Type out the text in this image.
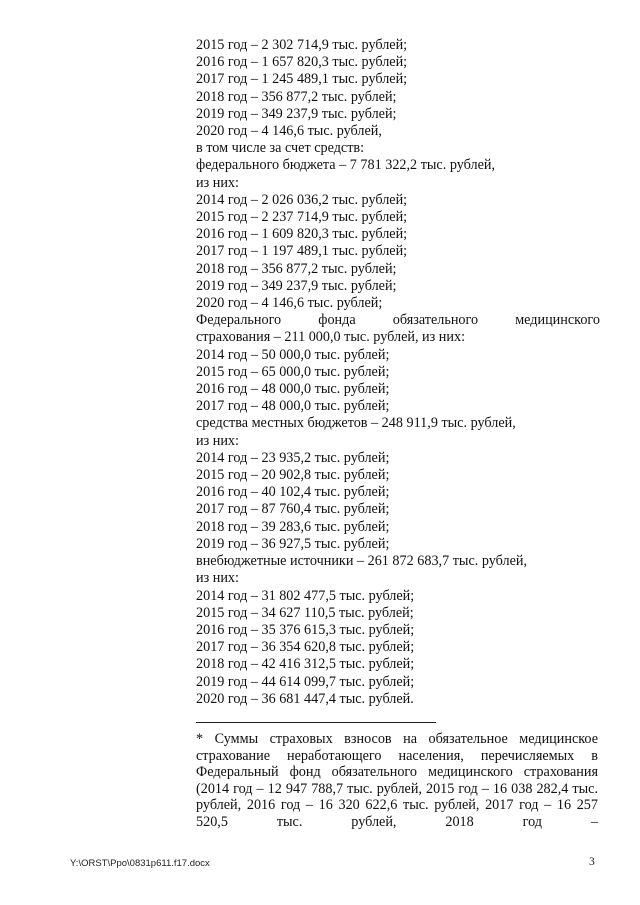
2015 год – 2 302 714,9 тыс. рублей;
2016 год – 1 657 820,3 тыс. рублей;
2017 год – 1 245 489,1 тыс. рублей;
2018 год – 356 877,2 тыс. рублей;
2019 год – 349 237,9 тыс. рублей;
2020 год – 4 146,6 тыс. рублей,
в том числе за счет средств:
федерального бюджета – 7 781 322,2 тыс. рублей,
из них:
2014 год – 2 026 036,2 тыс. рублей;
2015 год – 2 237 714,9 тыс. рублей;
2016 год – 1 609 820,3 тыс. рублей;
2017 год – 1 197 489,1 тыс. рублей;
2018 год – 356 877,2 тыс. рублей;
2019 год – 349 237,9 тыс. рублей;
2020 год – 4 146,6 тыс. рублей;
Федерального фонда обязательного медицинского
страхования – 211 000,0 тыс. рублей, из них:
2014 год – 50 000,0 тыс. рублей;
2015 год – 65 000,0 тыс. рублей;
2016 год – 48 000,0 тыс. рублей;
2017 год – 48 000,0 тыс. рублей;
средства местных бюджетов – 248 911,9 тыс. рублей,
из них:
2014 год – 23 935,2 тыс. рублей;
2015 год – 20 902,8 тыс. рублей;
2016 год – 40 102,4 тыс. рублей;
2017 год – 87 760,4 тыс. рублей;
2018 год – 39 283,6 тыс. рублей;
2019 год – 36 927,5 тыс. рублей;
внебюджетные источники – 261 872 683,7 тыс. рублей,
из них:
2014 год – 31 802 477,5 тыс. рублей;
2015 год – 34 627 110,5 тыс. рублей;
2016 год – 35 376 615,3 тыс. рублей;
2017 год – 36 354 620,8 тыс. рублей;
2018 год – 42 416 312,5 тыс. рублей;
2019 год – 44 614 099,7 тыс. рублей;
2020 год – 36 681 447,4 тыс. рублей.
* Суммы страховых взносов на обязательное медицинское страхование неработающего населения, перечисляемых в Федеральный фонд обязательного медицинского страхования (2014 год – 12 947 788,7 тыс. рублей, 2015 год – 16 038 282,4 тыс. рублей, 2016 год – 16 320 622,6 тыс. рублей, 2017 год – 16 257 520,5 тыс. рублей, 2018 год –
Y:\ORST\Ppo\0831p611.f17.docx	3
